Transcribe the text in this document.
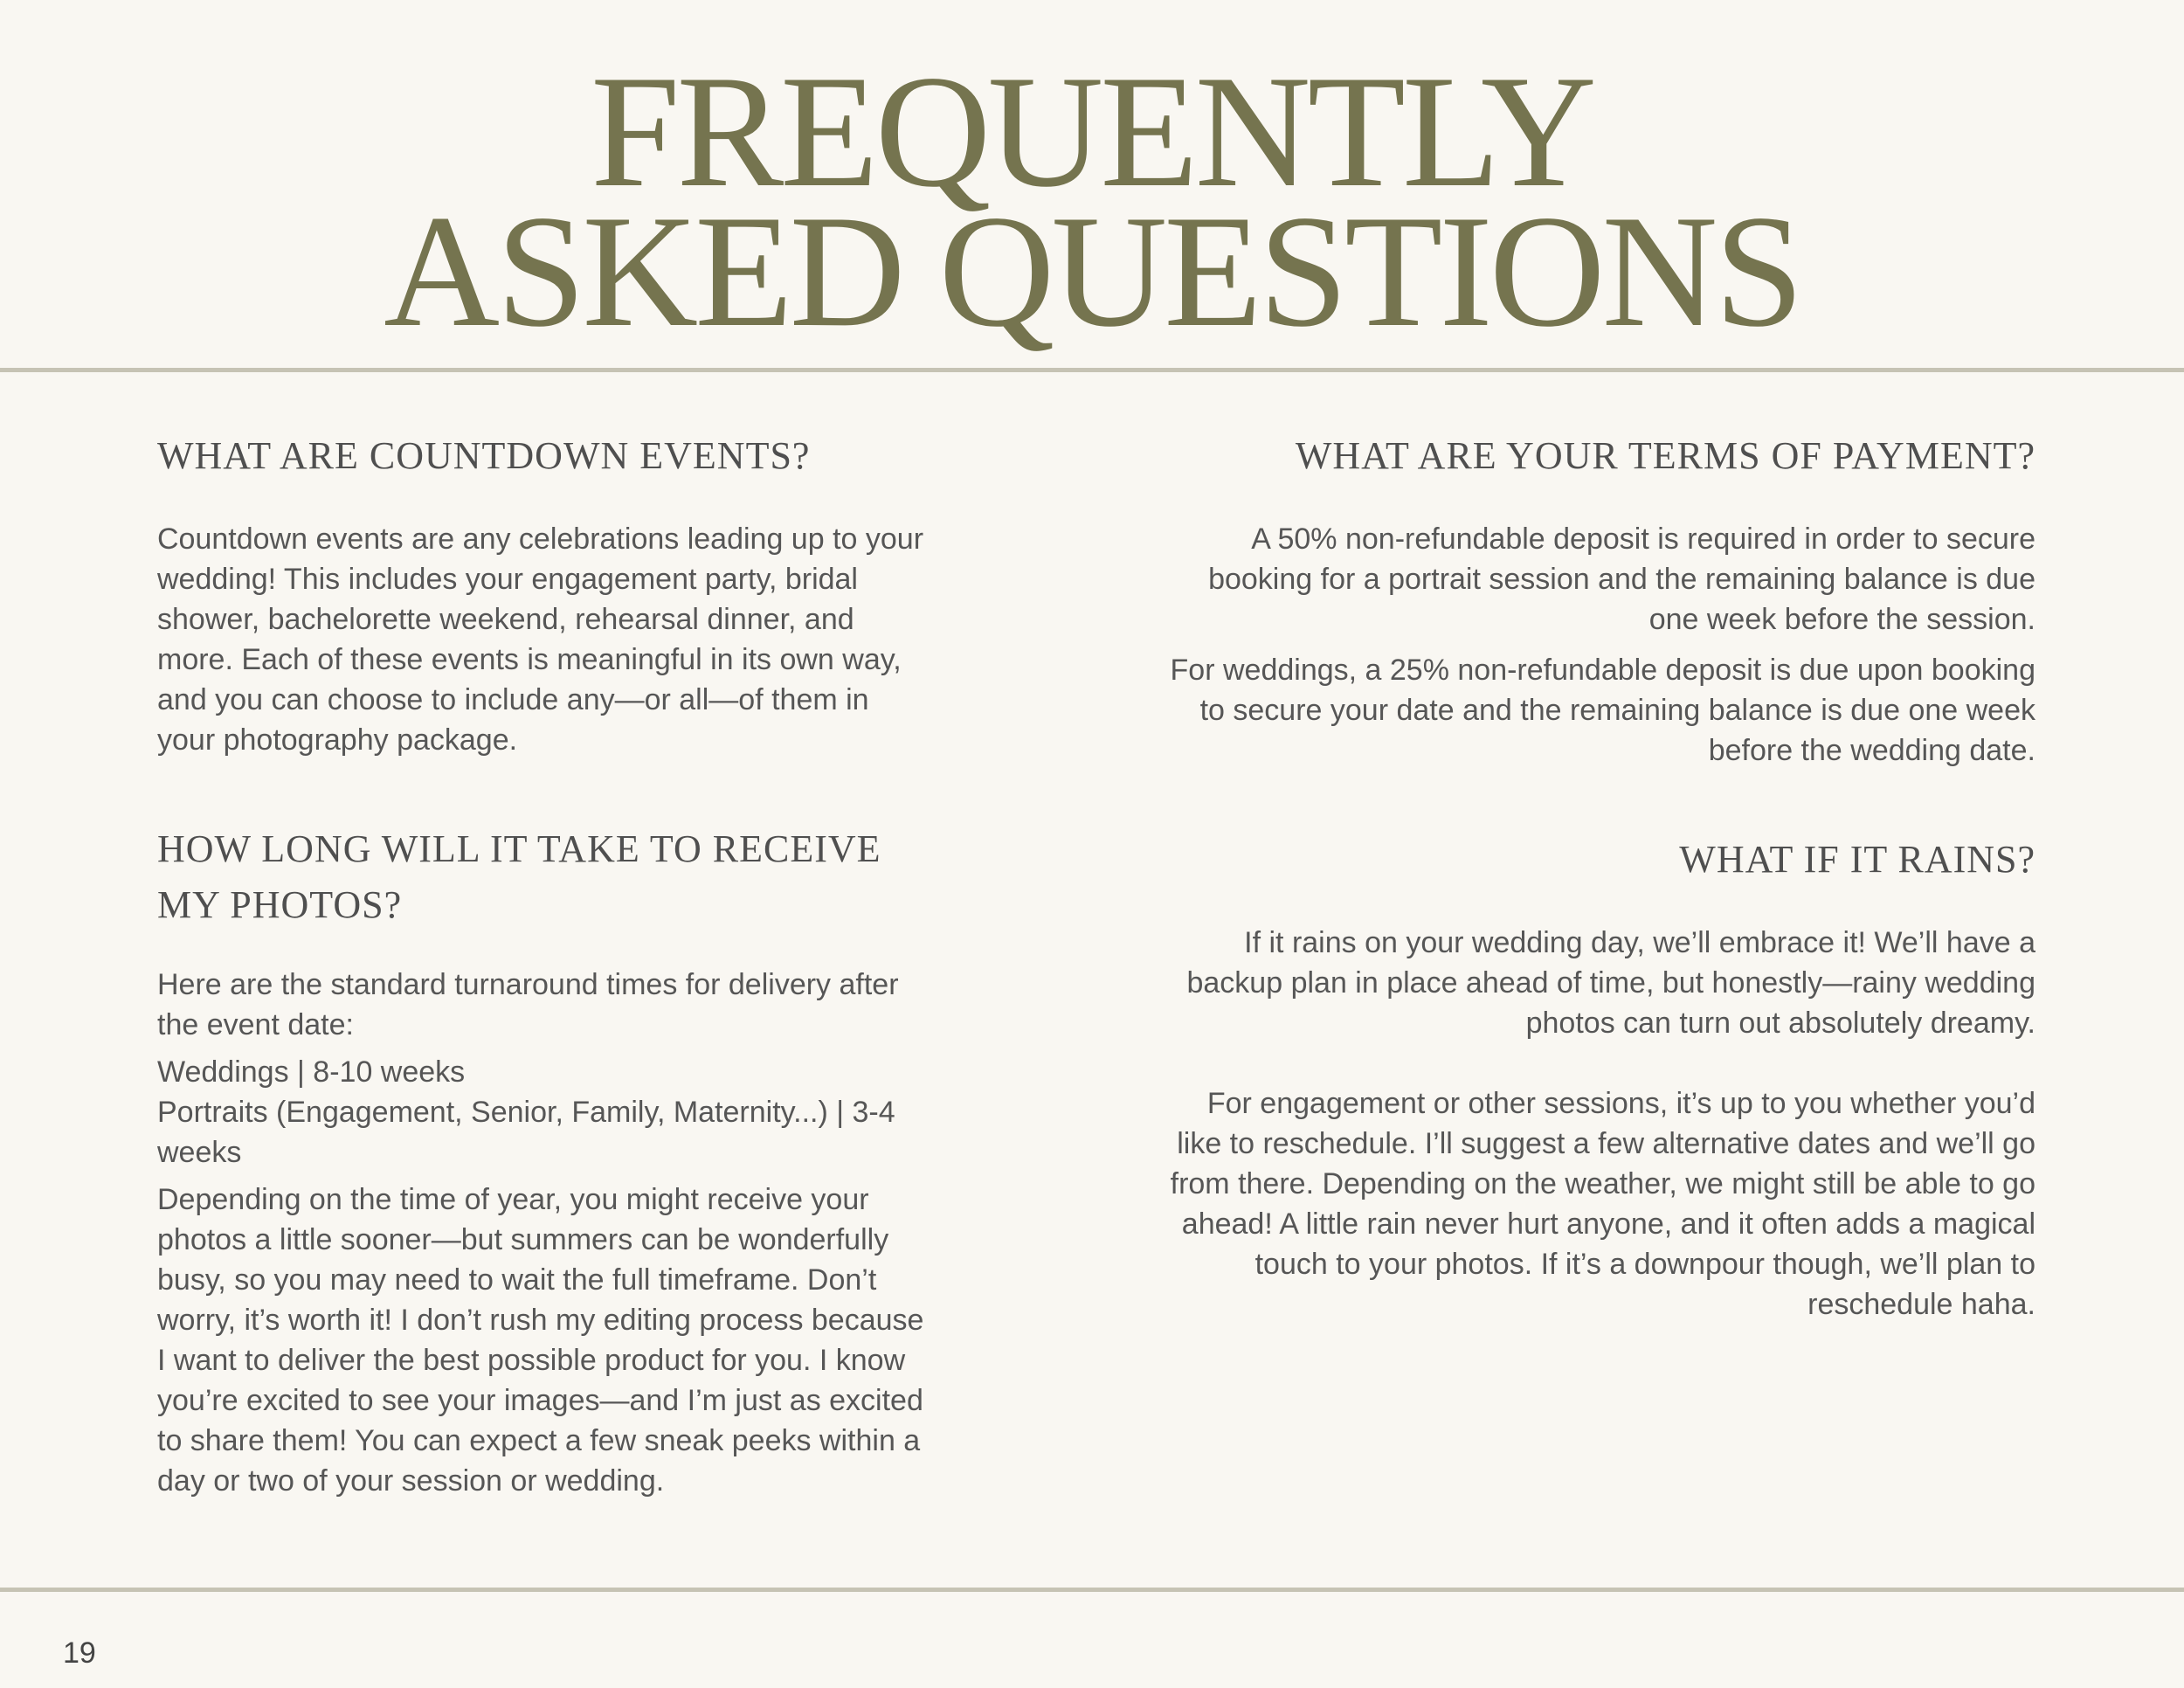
FREQUENTLY
ASKED QUESTIONS
WHAT ARE COUNTDOWN EVENTS?

Countdown events are any celebrations leading up to your wedding! This includes your engagement party, bridal shower, bachelorette weekend, rehearsal dinner, and more. Each of these events is meaningful in its own way, and you can choose to include any—or all—of them in your photography package.

HOW LONG WILL IT TAKE TO RECEIVE
MY PHOTOS?

Here are the standard turnaround times for delivery after the event date:

Weddings | 8-10 weeks

Portraits (Engagement, Senior, Family, Maternity...) | 3-4 weeks

Depending on the time of year, you might receive your photos a little sooner—but summers can be wonderfully busy, so you may need to wait the full timeframe. Don’t worry, it’s worth it! I don’t rush my editing process because I want to deliver the best possible product for you. I know you’re excited to see your images—and I’m just as excited to share them! You can expect a few sneak peeks within a day or two of your session or wedding.

WHAT ARE YOUR TERMS OF PAYMENT?

A 50% non-refundable deposit is required in order to secure booking for a portrait session and the remaining balance is due one week before the session.

For weddings, a 25% non-refundable deposit is due upon booking to secure your date and the remaining balance is due one week before the wedding date.

WHAT IF IT RAINS?

If it rains on your wedding day, we’ll embrace it! We’ll have a backup plan in place ahead of time, but honestly—rainy wedding photos can turn out absolutely dreamy.

For engagement or other sessions, it’s up to you whether you’d like to reschedule. I’ll suggest a few alternative dates and we’ll go from there. Depending on the weather, we might still be able to go ahead! A little rain never hurt anyone, and it often adds a magical touch to your photos. If it’s a downpour though, we’ll plan to reschedule haha.

19
